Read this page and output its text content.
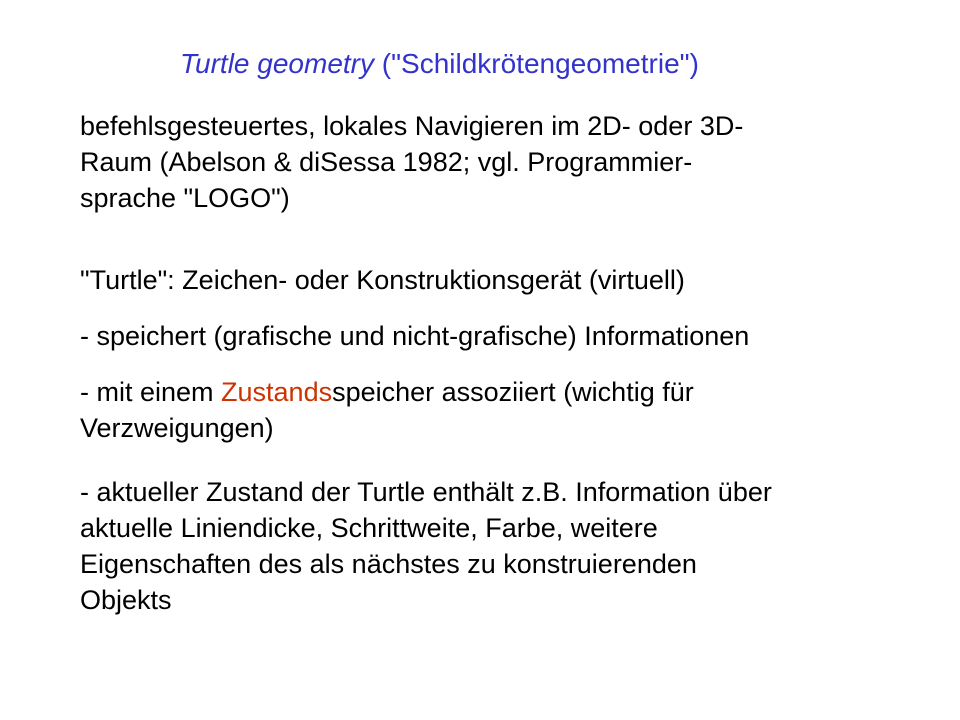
Turtle geometry ("Schildkrötengeometrie")
befehlsgesteuertes, lokales Navigieren im 2D- oder 3D-
Raum (Abelson & diSessa 1982; vgl. Programmier-
sprache "LOGO")
"Turtle": Zeichen- oder Konstruktionsgerät (virtuell)
- speichert (grafische und nicht-grafische) Informationen
- mit einem Zustandsspeicher assoziiert (wichtig für
Verzweigungen)
- aktueller Zustand der Turtle enthält z.B. Information über
aktuelle Liniendicke, Schrittweite, Farbe, weitere
Eigenschaften des als nächstes zu konstruierenden
Objekts
